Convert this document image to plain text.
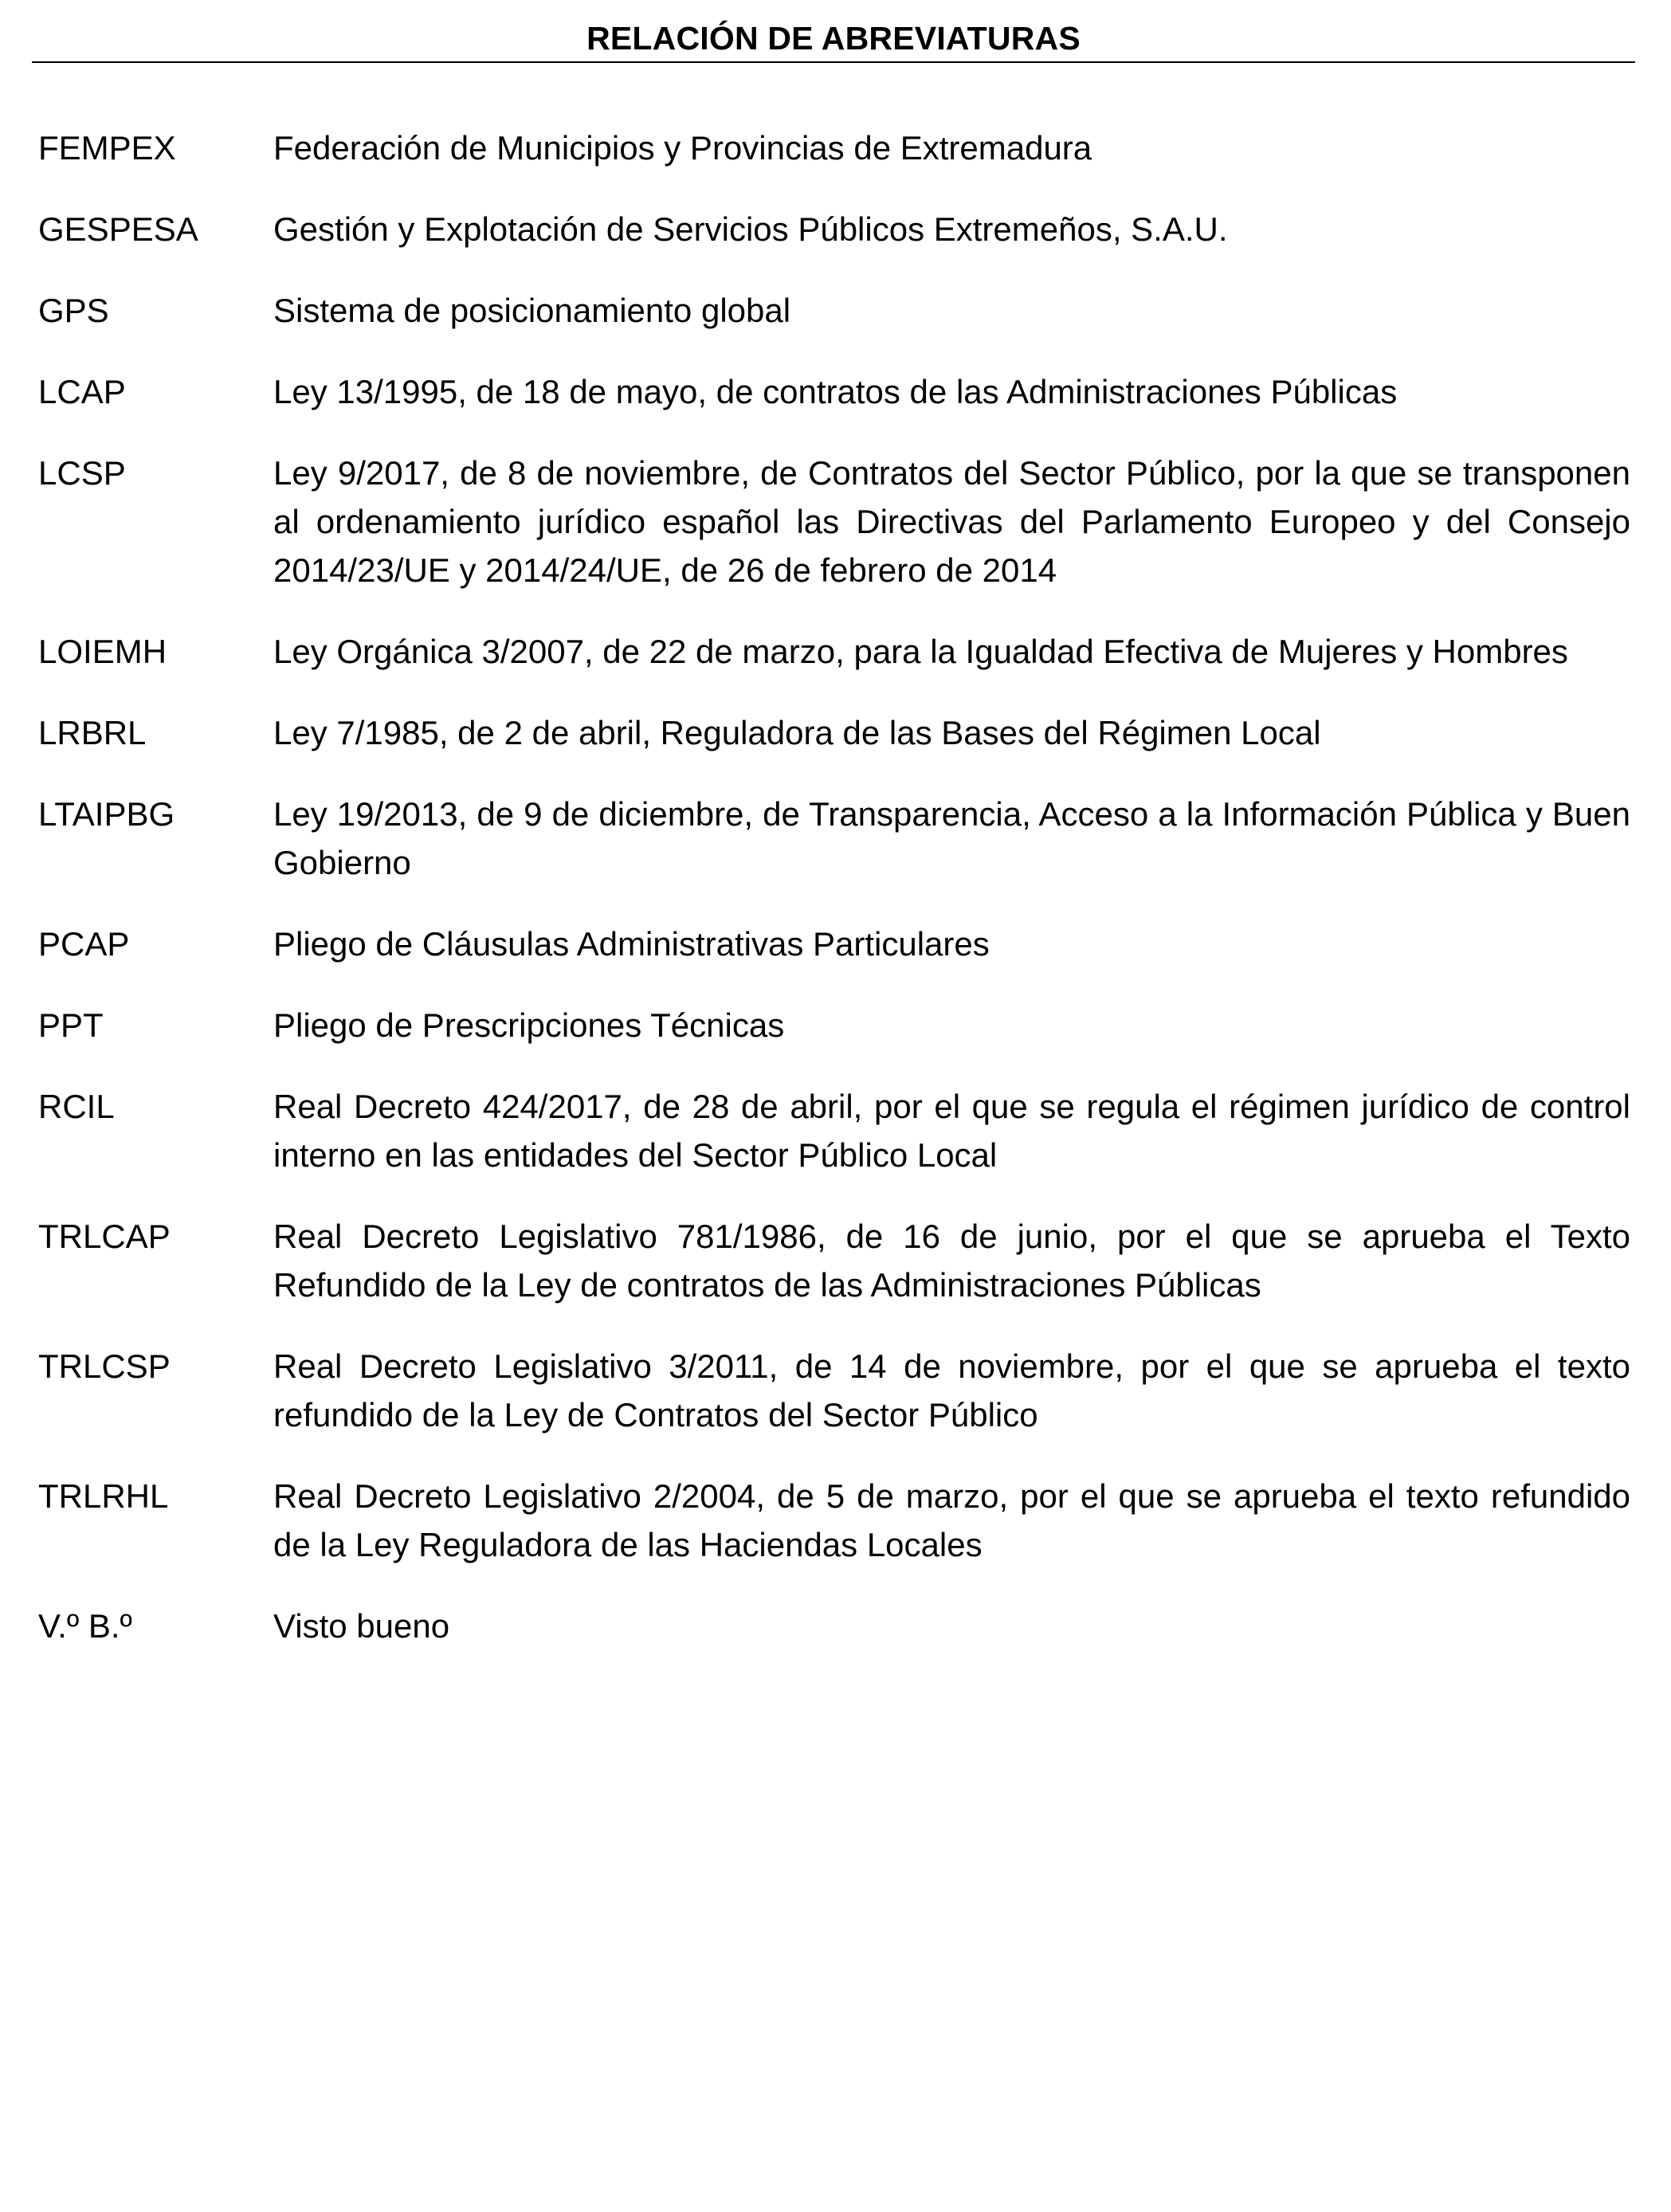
RELACIÓN DE ABREVIATURAS
FEMPEX	Federación de Municipios y Provincias de Extremadura
GESPESA	Gestión y Explotación de Servicios Públicos Extremeños, S.A.U.
GPS	Sistema de posicionamiento global
LCAP	Ley 13/1995, de 18 de mayo, de contratos de las Administraciones Públicas
LCSP	Ley 9/2017, de 8 de noviembre, de Contratos del Sector Público, por la que se transponen al ordenamiento jurídico español las Directivas del Parlamento Europeo y del Consejo 2014/23/UE y 2014/24/UE, de 26 de febrero de 2014
LOIEMH	Ley Orgánica 3/2007, de 22 de marzo, para la Igualdad Efectiva de Mujeres y Hombres
LRBRL	Ley 7/1985, de 2 de abril, Reguladora de las Bases del Régimen Local
LTAIPBG	Ley 19/2013, de 9 de diciembre, de Transparencia, Acceso a la Información Pública y Buen Gobierno
PCAP	Pliego de Cláusulas Administrativas Particulares
PPT	Pliego de Prescripciones Técnicas
RCIL	Real Decreto 424/2017, de 28 de abril, por el que se regula el régimen jurídico de control interno en las entidades del Sector Público Local
TRLCAP	Real Decreto Legislativo 781/1986, de 16 de junio, por el que se aprueba el Texto Refundido de la Ley de contratos de las Administraciones Públicas
TRLCSP	Real Decreto Legislativo 3/2011, de 14 de noviembre, por el que se aprueba el texto refundido de la Ley de Contratos del Sector Público
TRLRHL	Real Decreto Legislativo 2/2004, de 5 de marzo, por el que se aprueba el texto refundido de la Ley Reguladora de las Haciendas Locales
V.º B.º	Visto bueno
